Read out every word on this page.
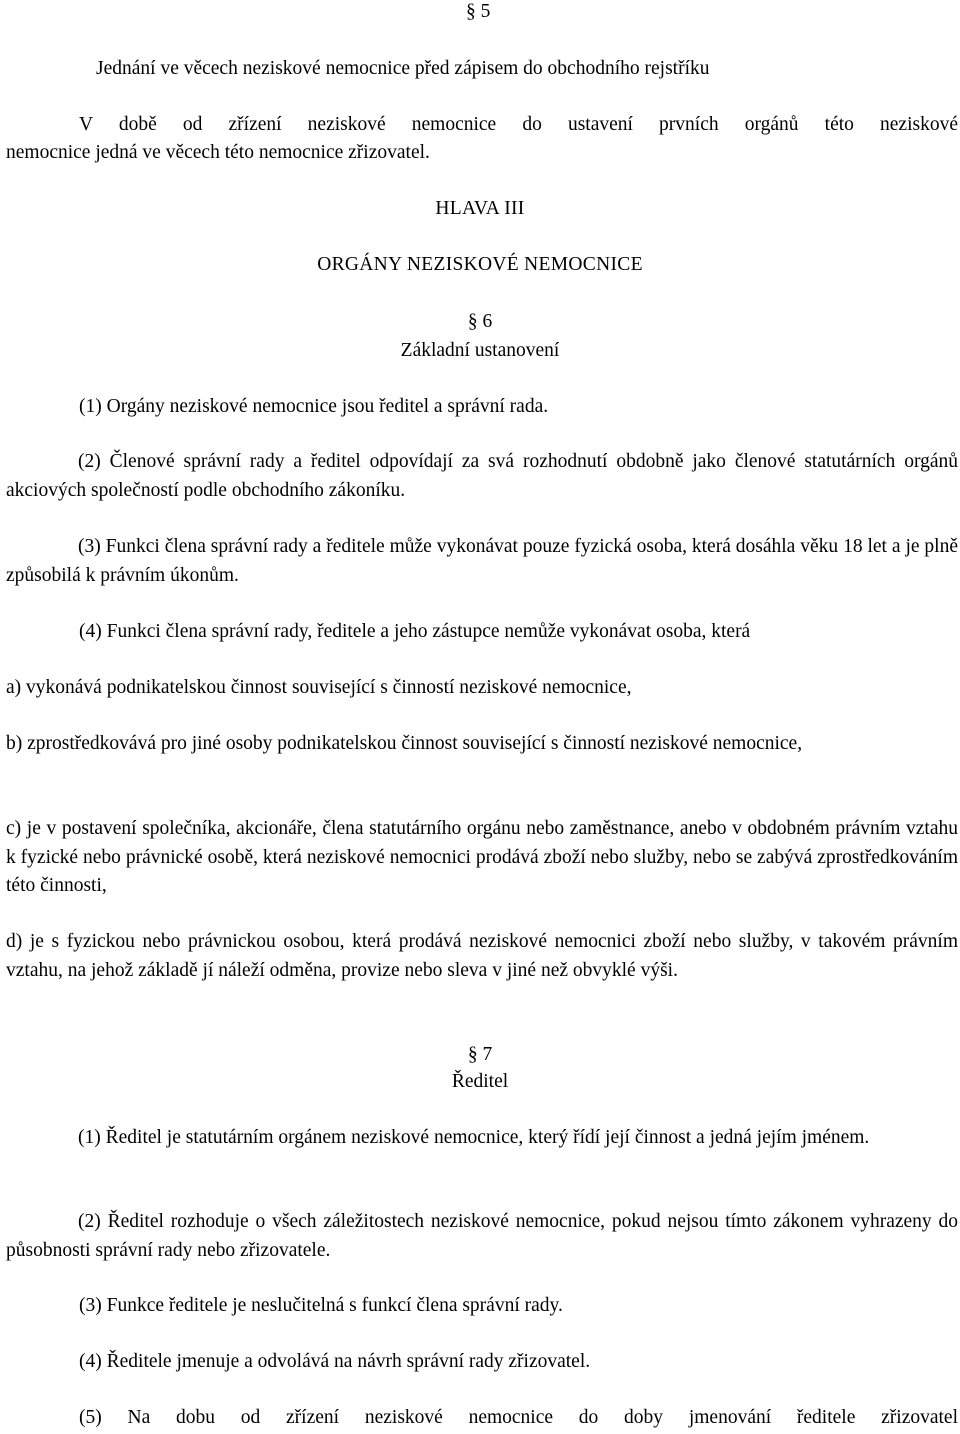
§ 5
Jednání ve věcech neziskové nemocnice před zápisem do obchodního rejstříku
V době od zřízení neziskové nemocnice do ustavení prvních orgánů této neziskové
nemocnice jedná ve věcech této nemocnice zřizovatel.
HLAVA III
ORGÁNY NEZISKOVÉ NEMOCNICE
§ 6
Základní ustanovení
(1) Orgány neziskové nemocnice jsou ředitel a správní rada.
(2) Členové správní rady a ředitel odpovídají za svá rozhodnutí obdobně jako členové statutárních orgánů akciových společností podle obchodního zákoníku.
(3) Funkci člena správní rady a ředitele může vykonávat pouze fyzická osoba, která dosáhla věku 18 let a je plně způsobilá k právním úkonům.
(4) Funkci člena správní rady, ředitele a jeho zástupce nemůže vykonávat osoba, která
a) vykonává podnikatelskou činnost související s činností neziskové nemocnice,
b) zprostředkovává pro jiné osoby podnikatelskou činnost související s činností neziskové nemocnice,
c) je v postavení společníka, akcionáře, člena statutárního orgánu nebo zaměstnance, anebo v obdobném právním vztahu k fyzické nebo právnické osobě, která neziskové nemocnici prodává zboží nebo služby, nebo se zabývá zprostředkováním této činnosti,
d) je s fyzickou nebo právnickou osobou, která prodává neziskové nemocnici zboží nebo služby, v takovém právním vztahu, na jehož základě jí náleží odměna, provize nebo sleva v jiné než obvyklé výši.
§ 7
Ředitel
(1) Ředitel je statutárním orgánem neziskové nemocnice, který řídí její činnost a jedná jejím jménem.
(2) Ředitel rozhoduje o všech záležitostech neziskové nemocnice, pokud nejsou tímto zákonem vyhrazeny do působnosti správní rady nebo zřizovatele.
(3) Funkce ředitele je neslučitelná s funkcí člena správní rady.
(4) Ředitele jmenuje a odvolává na návrh správní rady zřizovatel.
(5) Na dobu od zřízení neziskové nemocnice do doby jmenování ředitele zřizovatel
